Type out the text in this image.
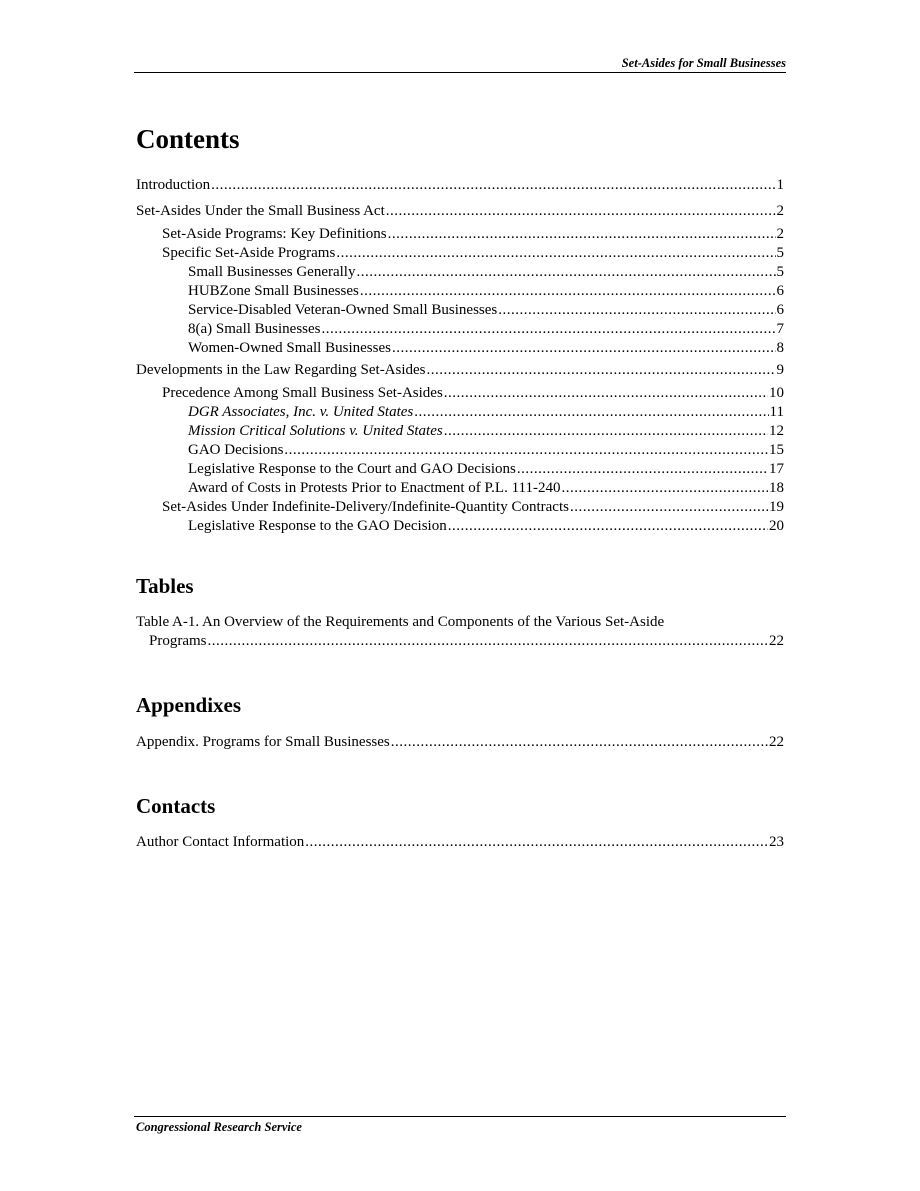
Set-Asides for Small Businesses
Contents
Introduction .....	1
Set-Asides Under the Small Business Act .....	2
Set-Aside Programs: Key Definitions .....	2
Specific Set-Aside Programs .....	5
Small Businesses Generally .....	5
HUBZone Small Businesses .....	6
Service-Disabled Veteran-Owned Small Businesses .....	6
8(a) Small Businesses .....	7
Women-Owned Small Businesses .....	8
Developments in the Law Regarding Set-Asides .....	9
Precedence Among Small Business Set-Asides .....	10
DGR Associates, Inc. v. United States .....	11
Mission Critical Solutions v. United States .....	12
GAO Decisions .....	15
Legislative Response to the Court and GAO Decisions .....	17
Award of Costs in Protests Prior to Enactment of P.L. 111-240 .....	18
Set-Asides Under Indefinite-Delivery/Indefinite-Quantity Contracts .....	19
Legislative Response to the GAO Decision .....	20
Tables
Table A-1. An Overview of the Requirements and Components of the Various Set-Aside
Programs .....	22
Appendixes
Appendix. Programs for Small Businesses .....	22
Contacts
Author Contact Information .....	23
Congressional Research Service
